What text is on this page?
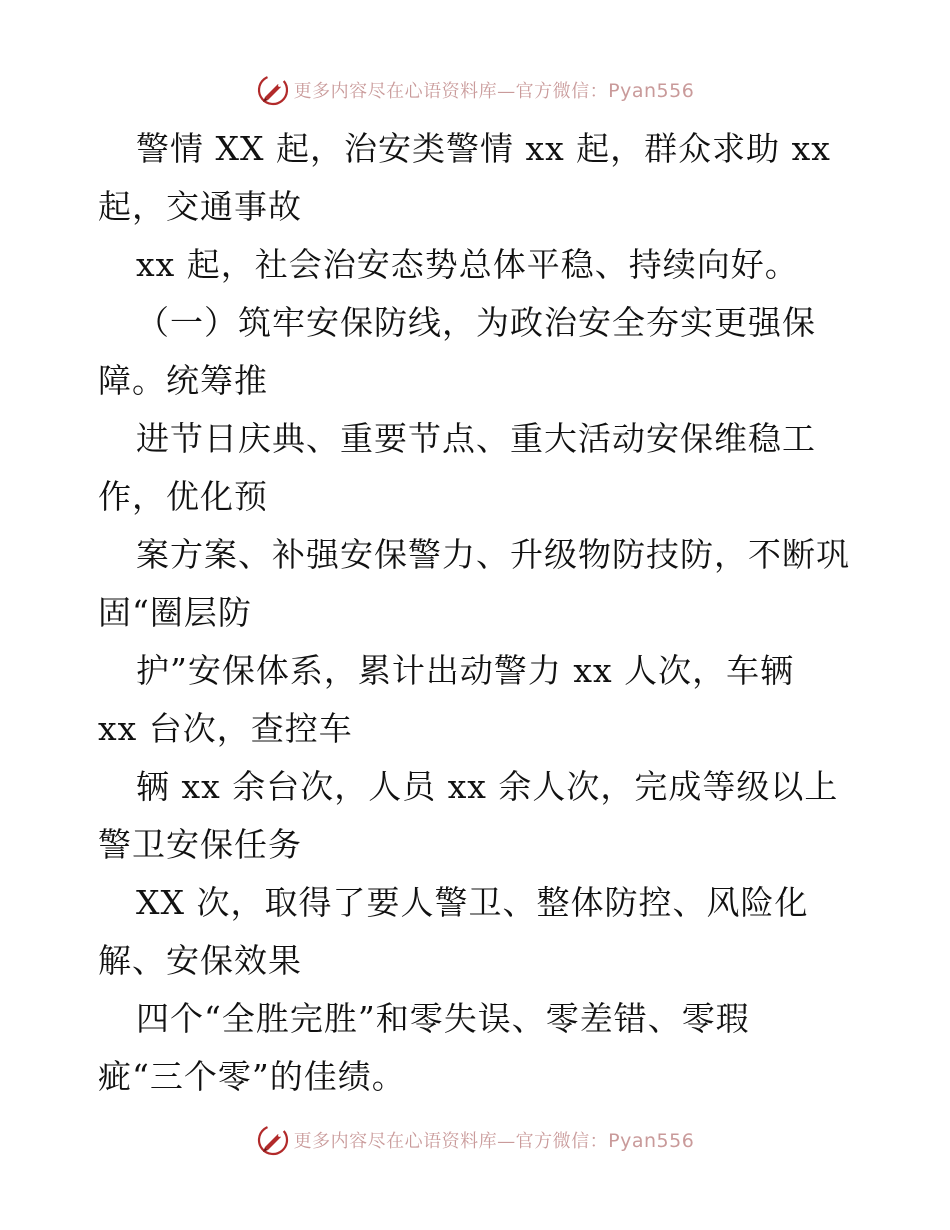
更多内容尽在心语资料库—官方微信：Pyan556
警情 XX 起，治安类警情 xx 起，群众求助 xx
起，交通事故
xx 起，社会治安态势总体平稳、持续向好。
（一）筑牢安保防线，为政治安全夯实更强保
障。统筹推
进节日庆典、重要节点、重大活动安保维稳工
作，优化预
案方案、补强安保警力、升级物防技防，不断巩
固“圈层防
护”安保体系，累计出动警力 xx 人次，车辆
xx 台次，查控车
辆 xx 余台次，人员 xx 余人次，完成等级以上
警卫安保任务
XX 次，取得了要人警卫、整体防控、风险化
解、安保效果
四个“全胜完胜”和零失误、零差错、零瑕
疵“三个零”的佳绩。
更多内容尽在心语资料库—官方微信：Pyan556
